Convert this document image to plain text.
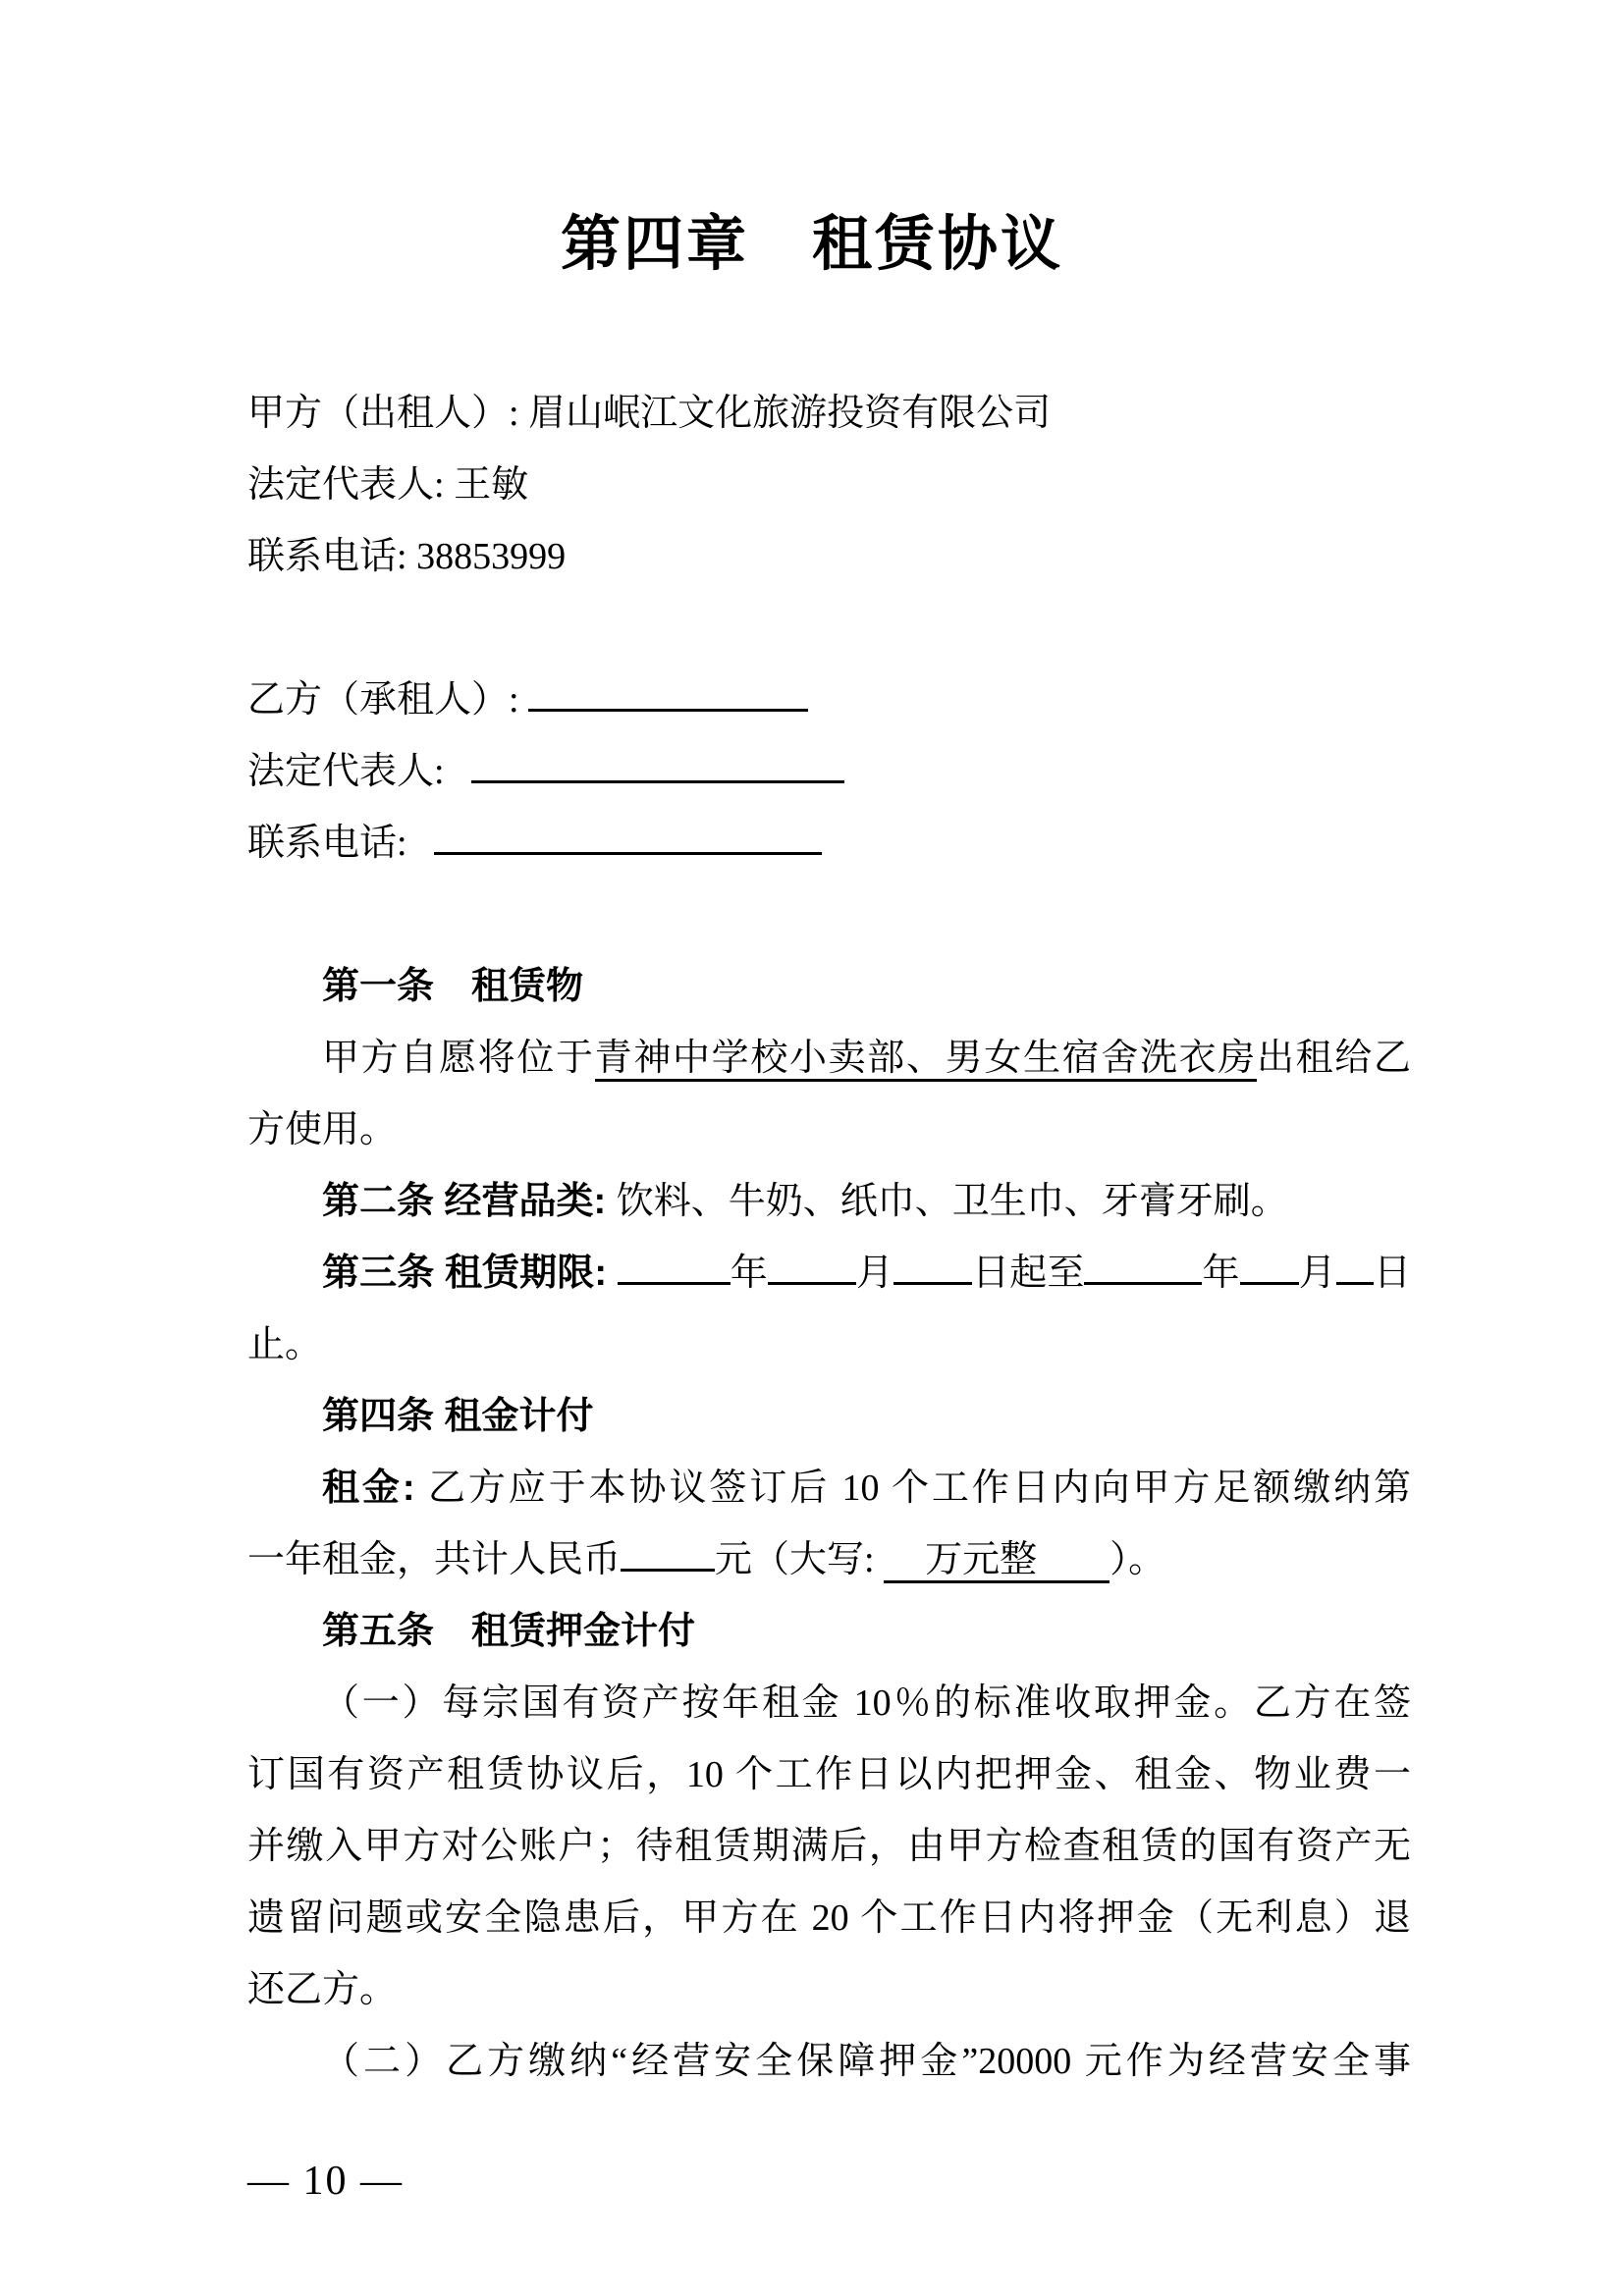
第四章　租赁协议
甲方（出租人）: 眉山岷江文化旅游投资有限公司
法定代表人: 王敏
联系电话: 38853999
乙方（承租人）:
法定代表人:
联系电话:
第一条　租赁物
甲方自愿将位于青神中学校小卖部、男女生宿舍洗衣房出租给乙
方使用。
第二条 经营品类: 饮料、牛奶、纸巾、卫生巾、牙膏牙刷。
第三条 租赁期限:	年 月 日起至	年 月 日
止。
第四条 租金计付
租金: 乙方应于本协议签订后 10 个工作日内向甲方足额缴纳第
一年租金，共计人民币	元（大写: 万元整 ）。
第五条　租赁押金计付
（一）每宗国有资产按年租金 10％的标准收取押金。乙方在签
订国有资产租赁协议后，10 个工作日以内把押金、租金、物业费一
并缴入甲方对公账户；待租赁期满后，由甲方检查租赁的国有资产无
遗留问题或安全隐患后，甲方在 20 个工作日内将押金（无利息）退
还乙方。
（二）乙方缴纳“经营安全保障押金”20000 元作为经营安全事
— 10 —
